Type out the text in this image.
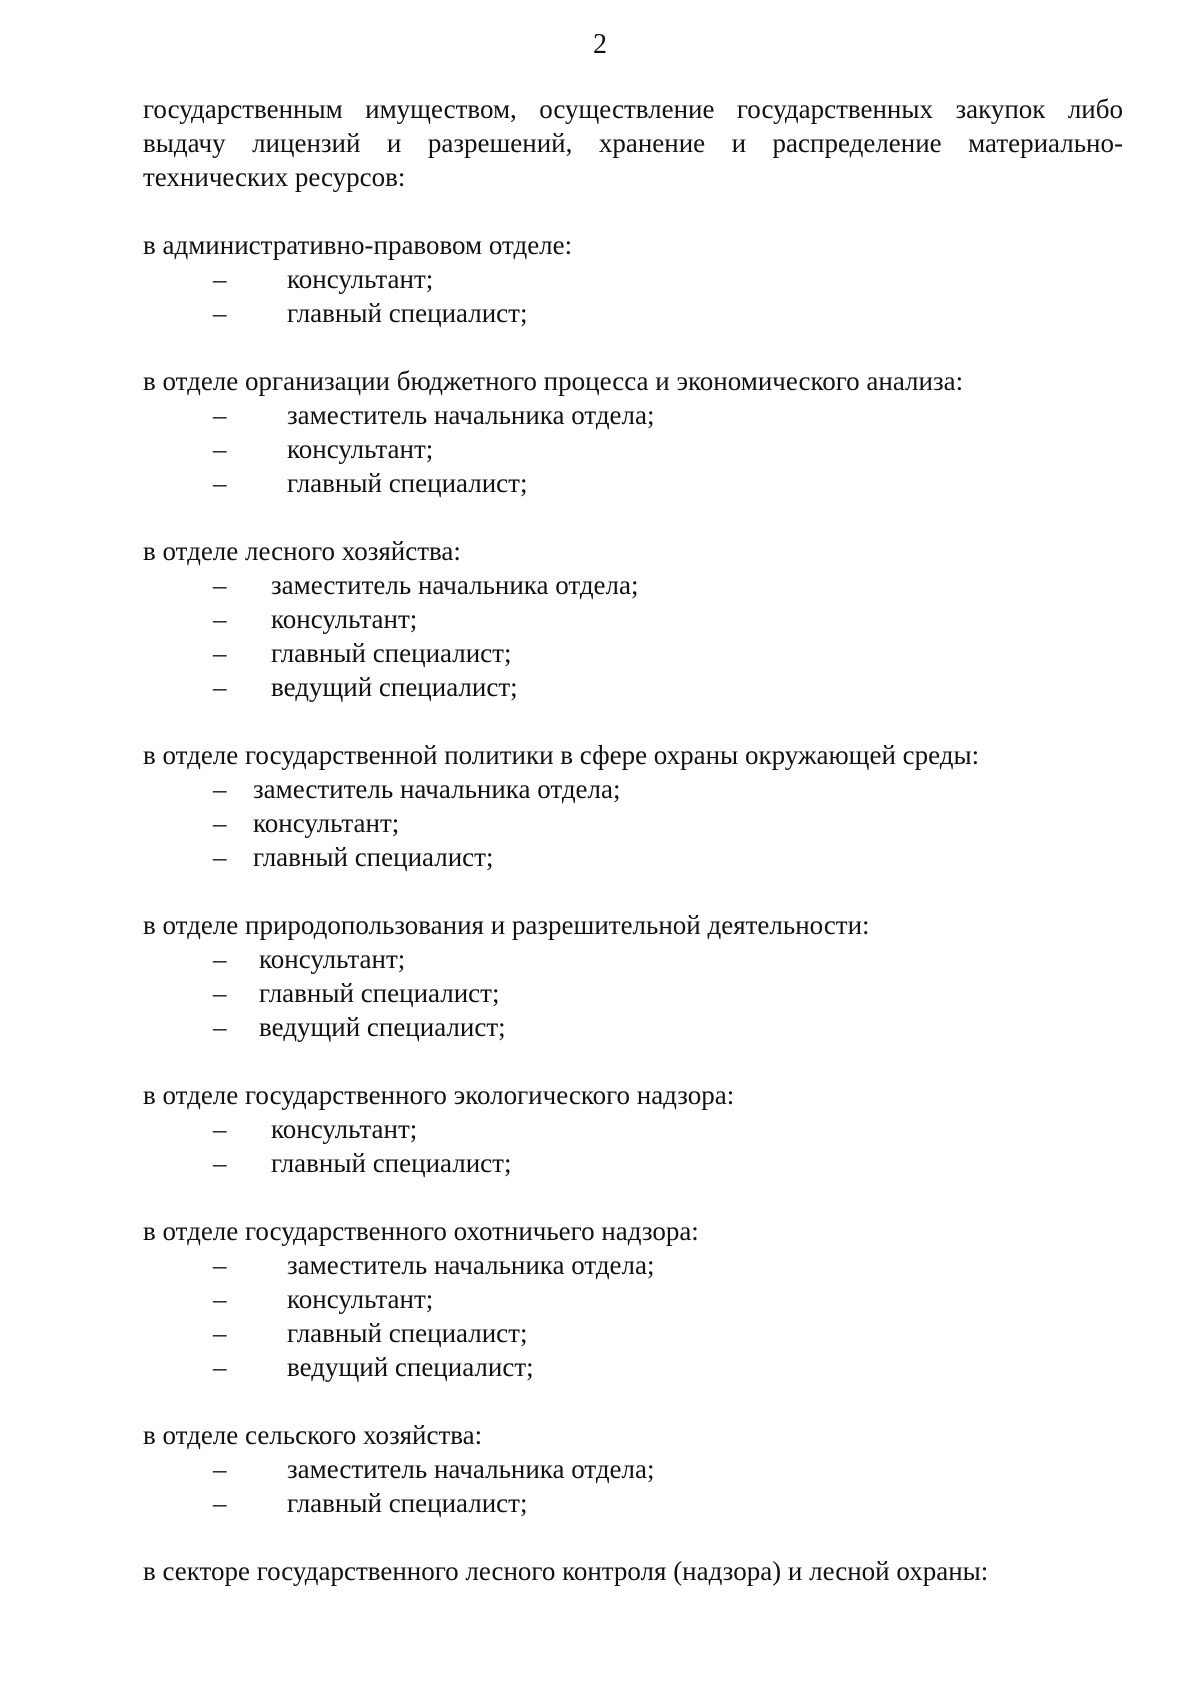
2

государственным имуществом, осуществление государственных закупок либо
выдачу лицензий и разрешений, хранение и распределение материально-
технических ресурсов:

в административно-правовом отделе:

– консультант;
– главный специалист;

в отделе организации бюджетного процесса и экономического анализа:

– заместитель начальника отдела;
– консультант;
– главный специалист;

в отделе лесного хозяйства:

– заместитель начальника отдела;
– консультант;
– главный специалист;
– ведущий специалист;

в отделе государственной политики в сфере охраны окружающей среды:

– заместитель начальника отдела;
– консультант;
– главный специалист;

в отделе природопользования и разрешительной деятельности:

– консультант;
– главный специалист;
– ведущий специалист;

в отделе государственного экологического надзора:

– консультант;
– главный специалист;

в отделе государственного охотничьего надзора:

– заместитель начальника отдела;
– консультант;
– главный специалист;
– ведущий специалист;

в отделе сельского хозяйства:

– заместитель начальника отдела;
– главный специалист;

в секторе государственного лесного контроля (надзора) и лесной охраны:
